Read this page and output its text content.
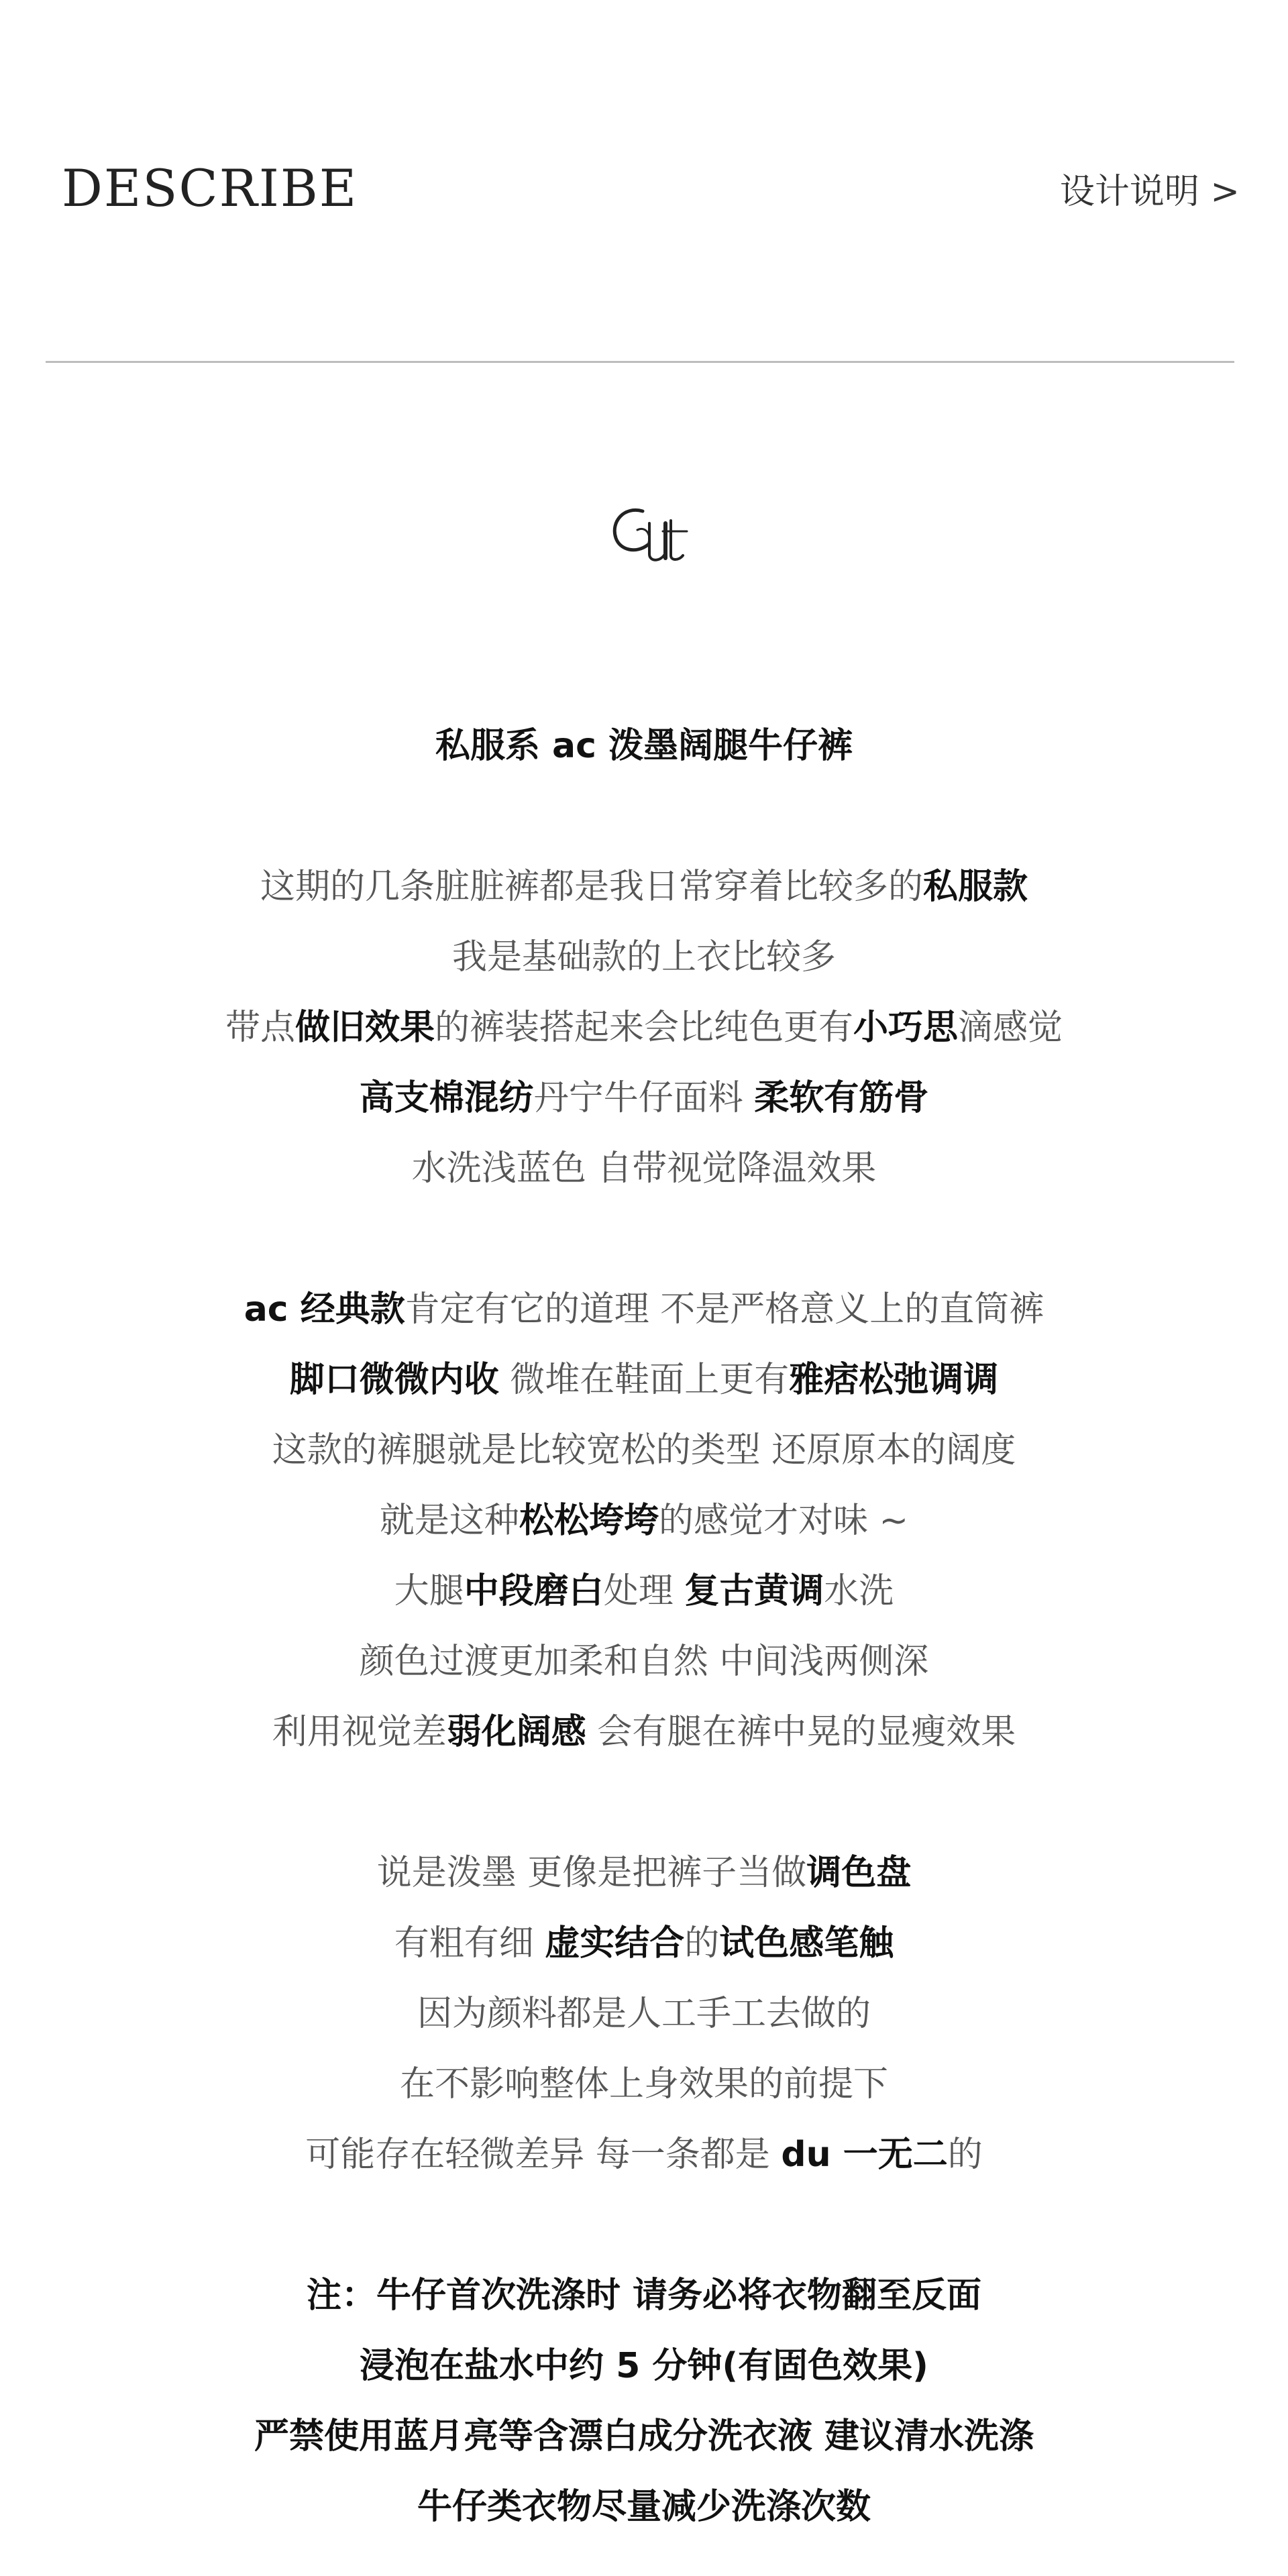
DESCRIBE	设计说明 >
私服系 ac 泼墨阔腿牛仔裤
这期的几条脏脏裤都是我日常穿着比较多的私服款
我是基础款的上衣比较多
带点做旧效果的裤装搭起来会比纯色更有小巧思滴感觉
高支棉混纺丹宁牛仔面料 柔软有筋骨
水洗浅蓝色 自带视觉降温效果
ac 经典款肯定有它的道理 不是严格意义上的直筒裤
脚口微微内收 微堆在鞋面上更有雅痞松弛调调
这款的裤腿就是比较宽松的类型 还原原本的阔度
就是这种松松垮垮的感觉才对味 ~
大腿中段磨白处理 复古黄调水洗
颜色过渡更加柔和自然 中间浅两侧深
利用视觉差弱化阔感 会有腿在裤中晃的显瘦效果
说是泼墨 更像是把裤子当做调色盘
有粗有细 虚实结合的试色感笔触
因为颜料都是人工手工去做的
在不影响整体上身效果的前提下
可能存在轻微差异 每一条都是 du 一无二的
注：牛仔首次洗涤时 请务必将衣物翻至反面
浸泡在盐水中约 5 分钟(有固色效果)
严禁使用蓝月亮等含漂白成分洗衣液 建议清水洗涤
牛仔类衣物尽量减少洗涤次数
